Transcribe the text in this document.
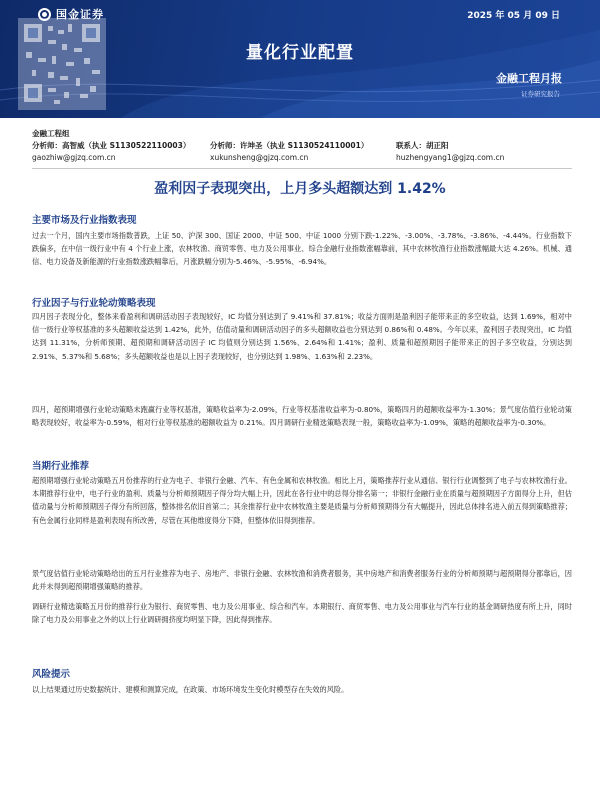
国金证券	2025 年 05 月 09 日
量化行业配置
金融工程月报
证券研究报告
金融工程组
分析师：高智威（执业 S1130522110003）	分析师：许坤圣（执业 S1130524110001）	联系人：胡正阳
gaozhiw@gjzq.com.cn	xukunsheng@gjzq.com.cn	huzhengyang1@gjzq.com.cn
盈利因子表现突出，上月多头超额达到 1.42%
主要市场及行业指数表现
过去一个月，国内主要市场指数普跌，上证 50、沪深 300、国证 2000、中证 500、中证 1000 分别下跌-1.22%、-3.00%、-3.78%、-3.86%、-4.44%。行业指数下跌偏多，在中信一级行业中有 4 个行业上涨，农林牧渔、商贸零售、电力及公用事业、综合金融行业指数涨幅靠前，其中农林牧渔行业指数涨幅最大达 4.26%。机械、通信、电力设备及新能源的行业指数涨跌幅靠后，月涨跌幅分别为-5.46%、-5.95%、-6.94%。
行业因子与行业轮动策略表现
四月因子表现分化，整体来看盈利和调研活动因子表现较好，IC 均值分别达到了 9.41%和 37.81%；收益方面则是盈利因子能带来正的多空收益，达到 1.69%，相对中信一级行业等权基准的多头超额收益达到 1.42%，此外，估值动量和调研活动因子的多头超额收益也分别达到 0.86%和 0.48%。今年以来，盈利因子表现突出，IC 均值达到 11.31%，分析师预期、超预期和调研活动因子 IC 均值则分别达到 1.56%、2.64%和 1.41%；盈利、质量和超预期因子能带来正的因子多空收益，分别达到 2.91%、5.37%和 5.68%；多头超额收益也是以上因子表现较好，也分别达到 1.98%、1.63%和 2.23%。
四月，超预期增强行业轮动策略未跑赢行业等权基准，策略收益率为-2.09%，行业等权基准收益率为-0.80%，策略四月的超额收益率为-1.30%；景气度估值行业轮动策略表现较好，收益率为-0.59%，相对行业等权基准的超额收益为 0.21%。四月调研行业精选策略表现一般，策略收益率为-1.09%，策略的超额收益率为-0.30%。
当期行业推荐
超预期增强行业轮动策略五月份推荐的行业为电子、非银行金融、汽车、有色金属和农林牧渔。相比上月，策略推荐行业从通信、银行行业调整到了电子与农林牧渔行业。本期推荐行业中，电子行业的盈利、质量与分析师预期因子得分均大幅上升，因此在各行业中的总得分排名第一；非银行金融行业在质量与超预期因子方面得分上升，但估值动量与分析师预期因子得分有所回落，整体排名依旧首第二；其余推荐行业中农林牧渔主要是质量与分析师预期得分有大幅提升，因此总体排名进入前五得到策略推荐；有色金属行业同样是盈利表现有所改善，尽管在其他维度得分下降，但整体依旧得到推荐。
景气度估值行业轮动策略给出的五月行业推荐为电子、房地产、非银行金融、农林牧渔和消费者服务，其中房地产和消费者服务行业的分析师预期与超预期得分都靠后，因此并未得到超预期增强策略的推荐。
调研行业精选策略五月份的推荐行业为银行、商贸零售、电力及公用事业、综合和汽车。本期银行、商贸零售、电力及公用事业与汽车行业的基金调研热度有所上升，同时除了电力及公用事业之外的以上行业调研拥挤度均明显下降，因此得到推荐。
风险提示
以上结果通过历史数据统计、建模和测算完成，在政策、市场环境发生变化时模型存在失效的风险。
